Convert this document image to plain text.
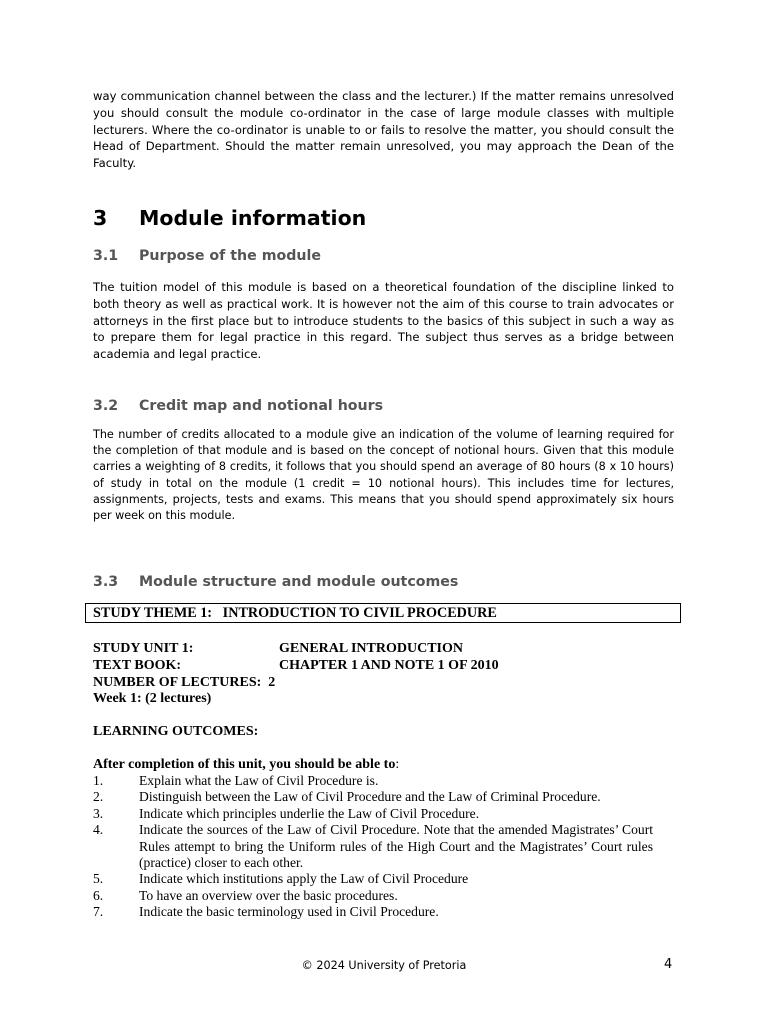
way communication channel between the class and the lecturer.) If the matter remains unresolved you should consult the module co-ordinator in the case of large module classes with multiple lecturers. Where the co-ordinator is unable to or fails to resolve the matter, you should consult the Head of Department. Should the matter remain unresolved, you may approach the Dean of the Faculty.

3 Module information
3.1 Purpose of the module

The tuition model of this module is based on a theoretical foundation of the discipline linked to both theory as well as practical work. It is however not the aim of this course to train advocates or attorneys in the first place but to introduce students to the basics of this subject in such a way as to prepare them for legal practice in this regard. The subject thus serves as a bridge between academia and legal practice.

3.2 Credit map and notional hours

The number of credits allocated to a module give an indication of the volume of learning required for the completion of that module and is based on the concept of notional hours. Given that this module carries a weighting of 8 credits, it follows that you should spend an average of 80 hours (8 x 10 hours) of study in total on the module (1 credit = 10 notional hours). This includes time for lectures, assignments, projects, tests and exams. This means that you should spend approximately six hours per week on this module.

3.3 Module structure and module outcomes
STUDY THEME 1:   INTRODUCTION TO CIVIL PROCEDURE
STUDY UNIT 1:	GENERAL INTRODUCTION
TEXT BOOK:	CHAPTER 1 AND NOTE 1 OF 2010
NUMBER OF LECTURES: 2
Week 1: (2 lectures)
LEARNING OUTCOMES:
After completion of this unit, you should be able to:
1.	Explain what the Law of Civil Procedure is.
2.	Distinguish between the Law of Civil Procedure and the Law of Criminal Procedure.
3.	Indicate which principles underlie the Law of Civil Procedure.
4.	Indicate the sources of the Law of Civil Procedure. Note that the amended Magistrates’ Court Rules attempt to bring the Uniform rules of the High Court and the Magistrates’ Court rules (practice) closer to each other.
5.	Indicate which institutions apply the Law of Civil Procedure
6.	To have an overview over the basic procedures.
7.	Indicate the basic terminology used in Civil Procedure.
© 2024 University of Pretoria	4
